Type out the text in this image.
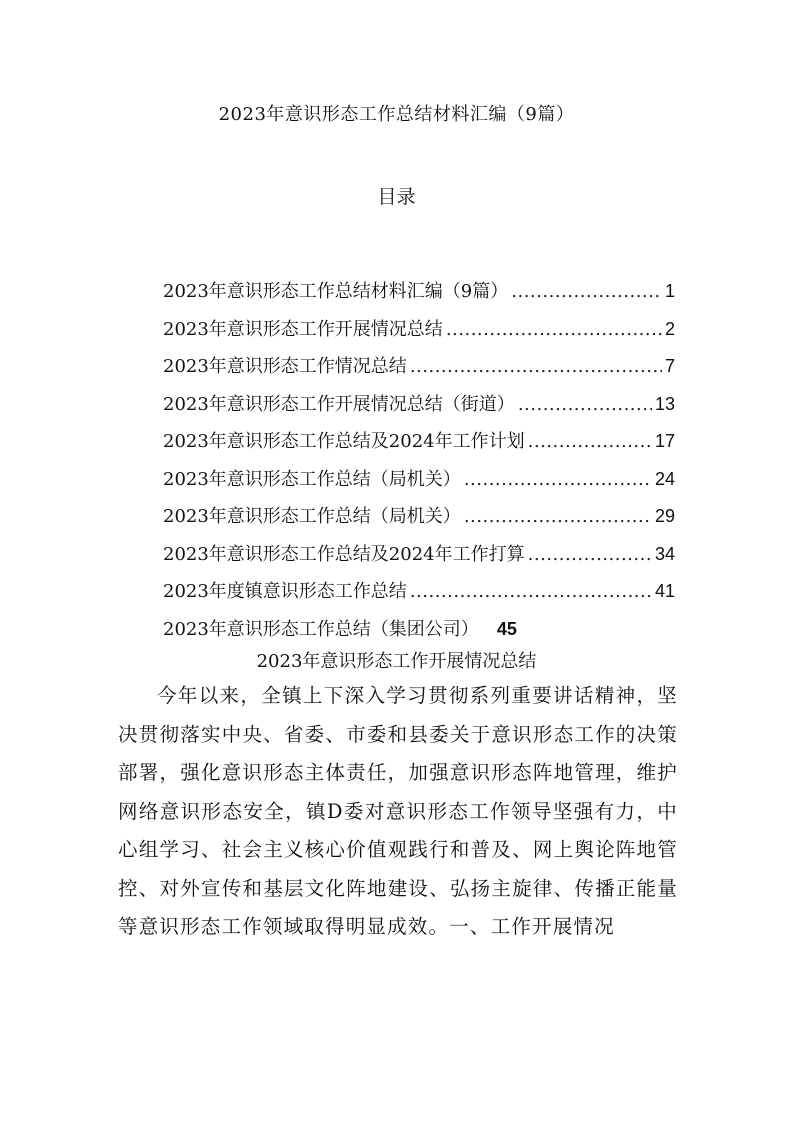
2023年意识形态工作总结材料汇编（9篇）
目录
2023年意识形态工作总结材料汇编（9篇） .....	1
2023年意识形态工作开展情况总结 .....	2
2023年意识形态工作情况总结 .....	7
2023年意识形态工作开展情况总结（街道） .....	13
2023年意识形态工作总结及2024年工作计划 .....	17
2023年意识形态工作总结（局机关） .....	24
2023年意识形态工作总结（局机关） .....	29
2023年意识形态工作总结及2024年工作打算 .....	34
2023年度镇意识形态工作总结 .....	41
2023年意识形态工作总结（集团公司） 45
2023年意识形态工作开展情况总结
今年以来，全镇上下深入学习贯彻系列重要讲话精神，坚决贯彻落实中央、省委、市委和县委关于意识形态工作的决策部署，强化意识形态主体责任，加强意识形态阵地管理，维护网络意识形态安全，镇D委对意识形态工作领导坚强有力，中心组学习、社会主义核心价值观践行和普及、网上舆论阵地管控、对外宣传和基层文化阵地建设、弘扬主旋律、传播正能量等意识形态工作领域取得明显成效。一、工作开展情况
